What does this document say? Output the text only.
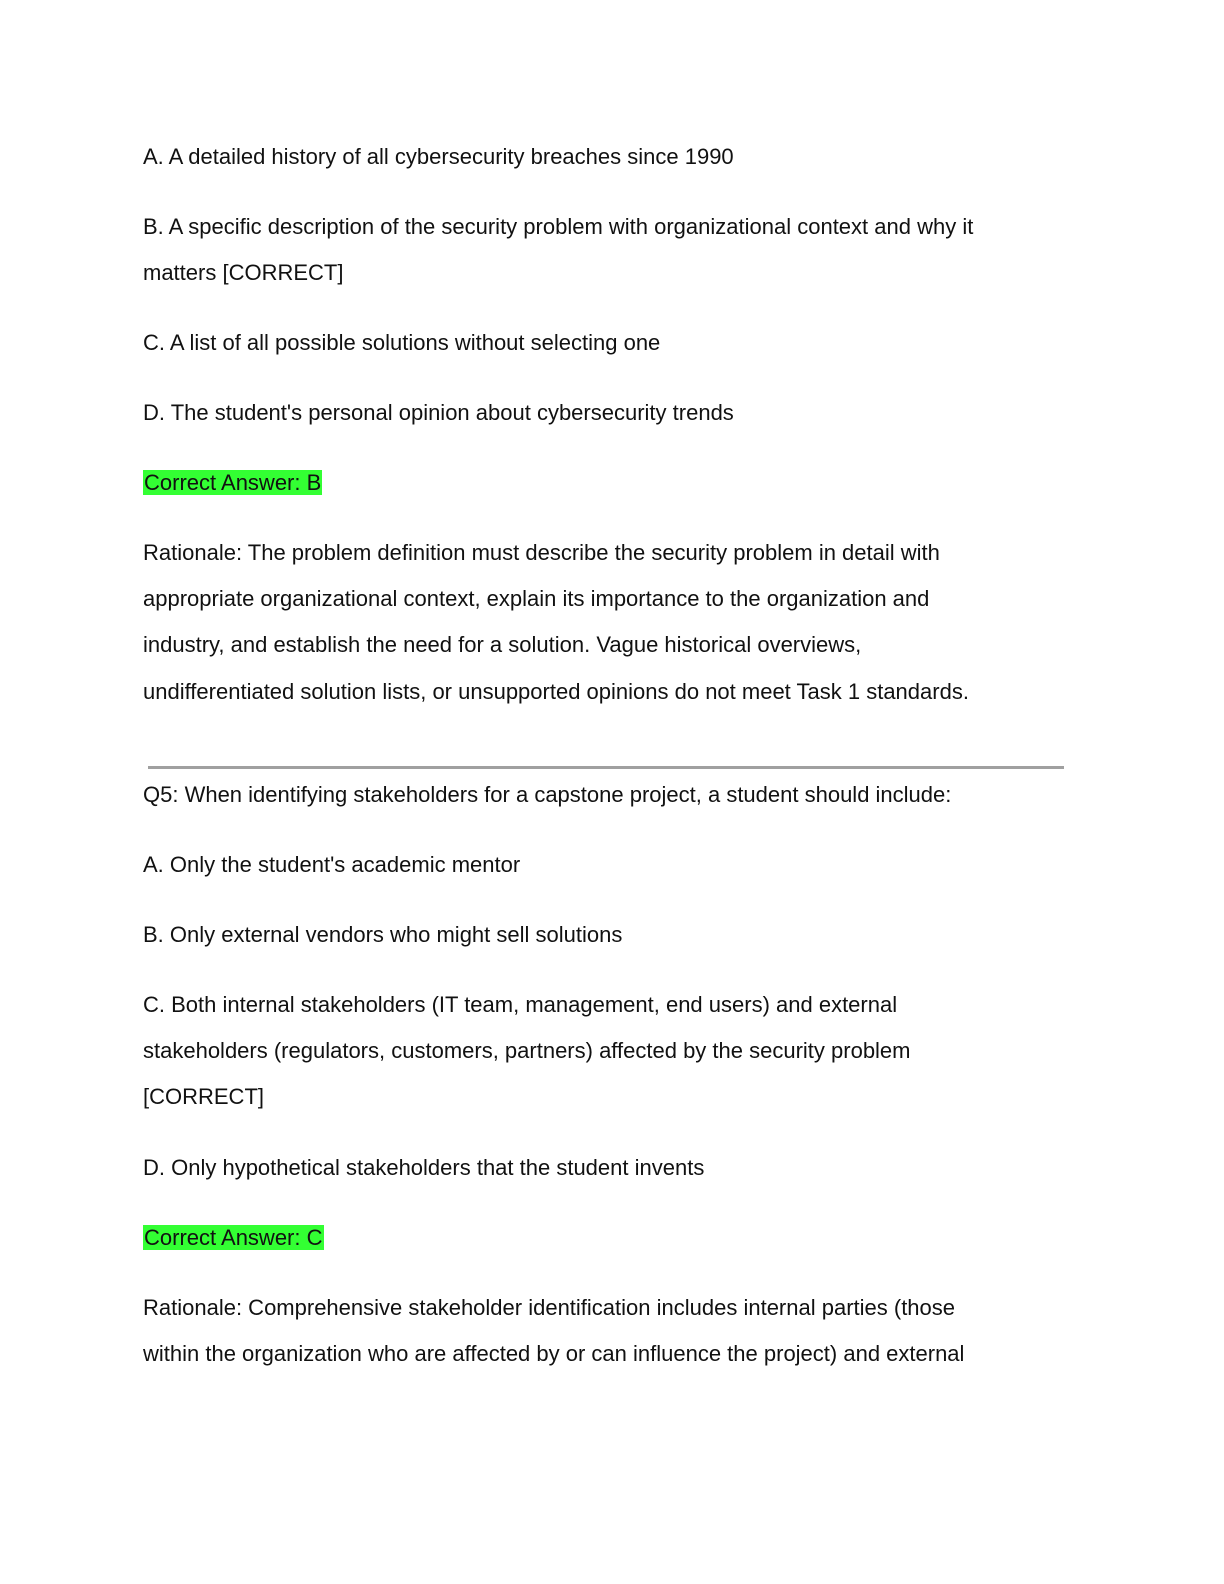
A. A detailed history of all cybersecurity breaches since 1990

B. A specific description of the security problem with organizational context and why it

matters [CORRECT]

C. A list of all possible solutions without selecting one

D. The student's personal opinion about cybersecurity trends

Correct Answer: B

Rationale: The problem definition must describe the security problem in detail with

appropriate organizational context, explain its importance to the organization and

industry, and establish the need for a solution. Vague historical overviews,

undifferentiated solution lists, or unsupported opinions do not meet Task 1 standards.

Q5: When identifying stakeholders for a capstone project, a student should include:

A. Only the student's academic mentor

B. Only external vendors who might sell solutions

C. Both internal stakeholders (IT team, management, end users) and external

stakeholders (regulators, customers, partners) affected by the security problem

[CORRECT]

D. Only hypothetical stakeholders that the student invents

Correct Answer: C

Rationale: Comprehensive stakeholder identification includes internal parties (those

within the organization who are affected by or can influence the project) and external
